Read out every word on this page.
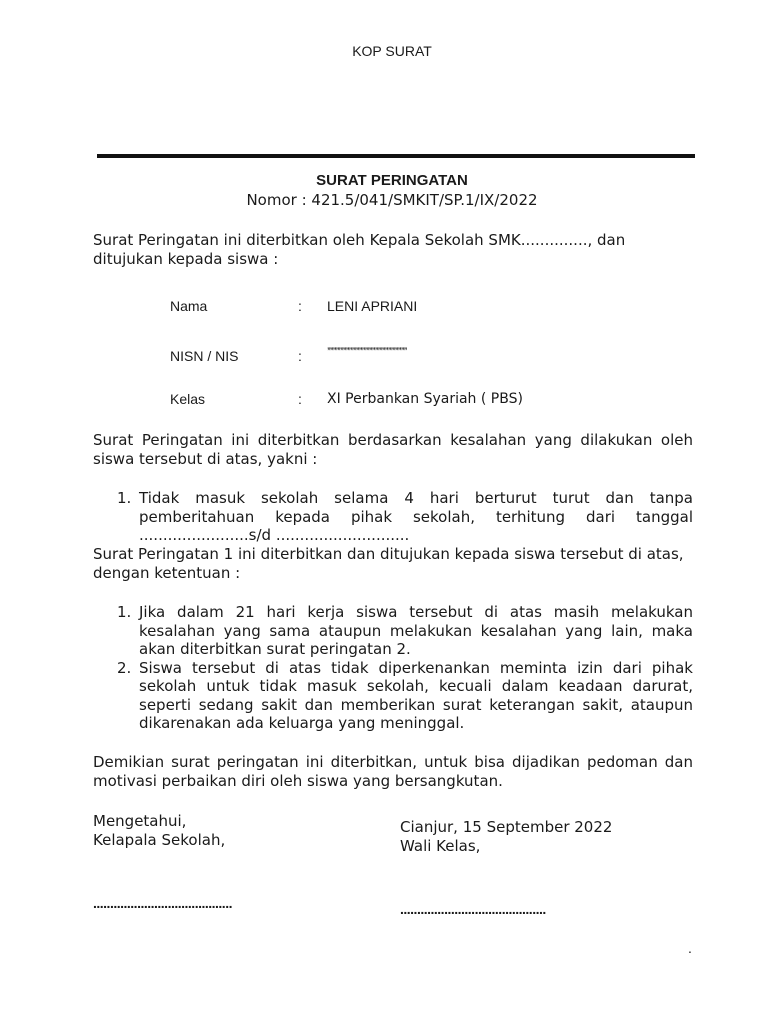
KOP SURAT
SURAT PERINGATAN
Nomor : 421.5/041/SMKIT/SP.1/IX/2022
Surat Peringatan ini diterbitkan oleh Kepala Sekolah SMK.............., dan ditujukan kepada siswa :
Nama	: LENI APRIANI
NISN / NIS	: ’’’’’’’’’’’’’’’’’’’’’’’’’’’’’’’’’’’’’’’’’’’’’’’’’’’’’’’
Kelas	: XI Perbankan Syariah ( PBS)
Surat Peringatan ini diterbitkan berdasarkan kesalahan yang dilakukan oleh siswa tersebut di atas, yakni :
1. Tidak masuk sekolah selama 4 hari berturut turut dan tanpa pemberitahuan kepada pihak sekolah, terhitung dari tanggal .......................s/d ............................
Surat Peringatan 1 ini diterbitkan dan ditujukan kepada siswa tersebut di atas, dengan ketentuan :
1. Jika dalam 21 hari kerja siswa tersebut di atas masih melakukan kesalahan yang sama ataupun melakukan kesalahan yang lain, maka akan diterbitkan surat peringatan 2.
2. Siswa tersebut di atas tidak diperkenankan meminta izin dari pihak sekolah untuk tidak masuk sekolah, kecuali dalam keadaan darurat, seperti sedang sakit dan memberikan surat keterangan sakit, ataupun dikarenakan ada keluarga yang meninggal.
Demikian surat peringatan ini diterbitkan, untuk bisa dijadikan pedoman dan motivasi perbaikan diri oleh siswa yang bersangkutan.
Mengetahui,
Kelapala Sekolah,
Cianjur, 15 September 2022
Wali Kelas,
.........................................	...........................................
.
